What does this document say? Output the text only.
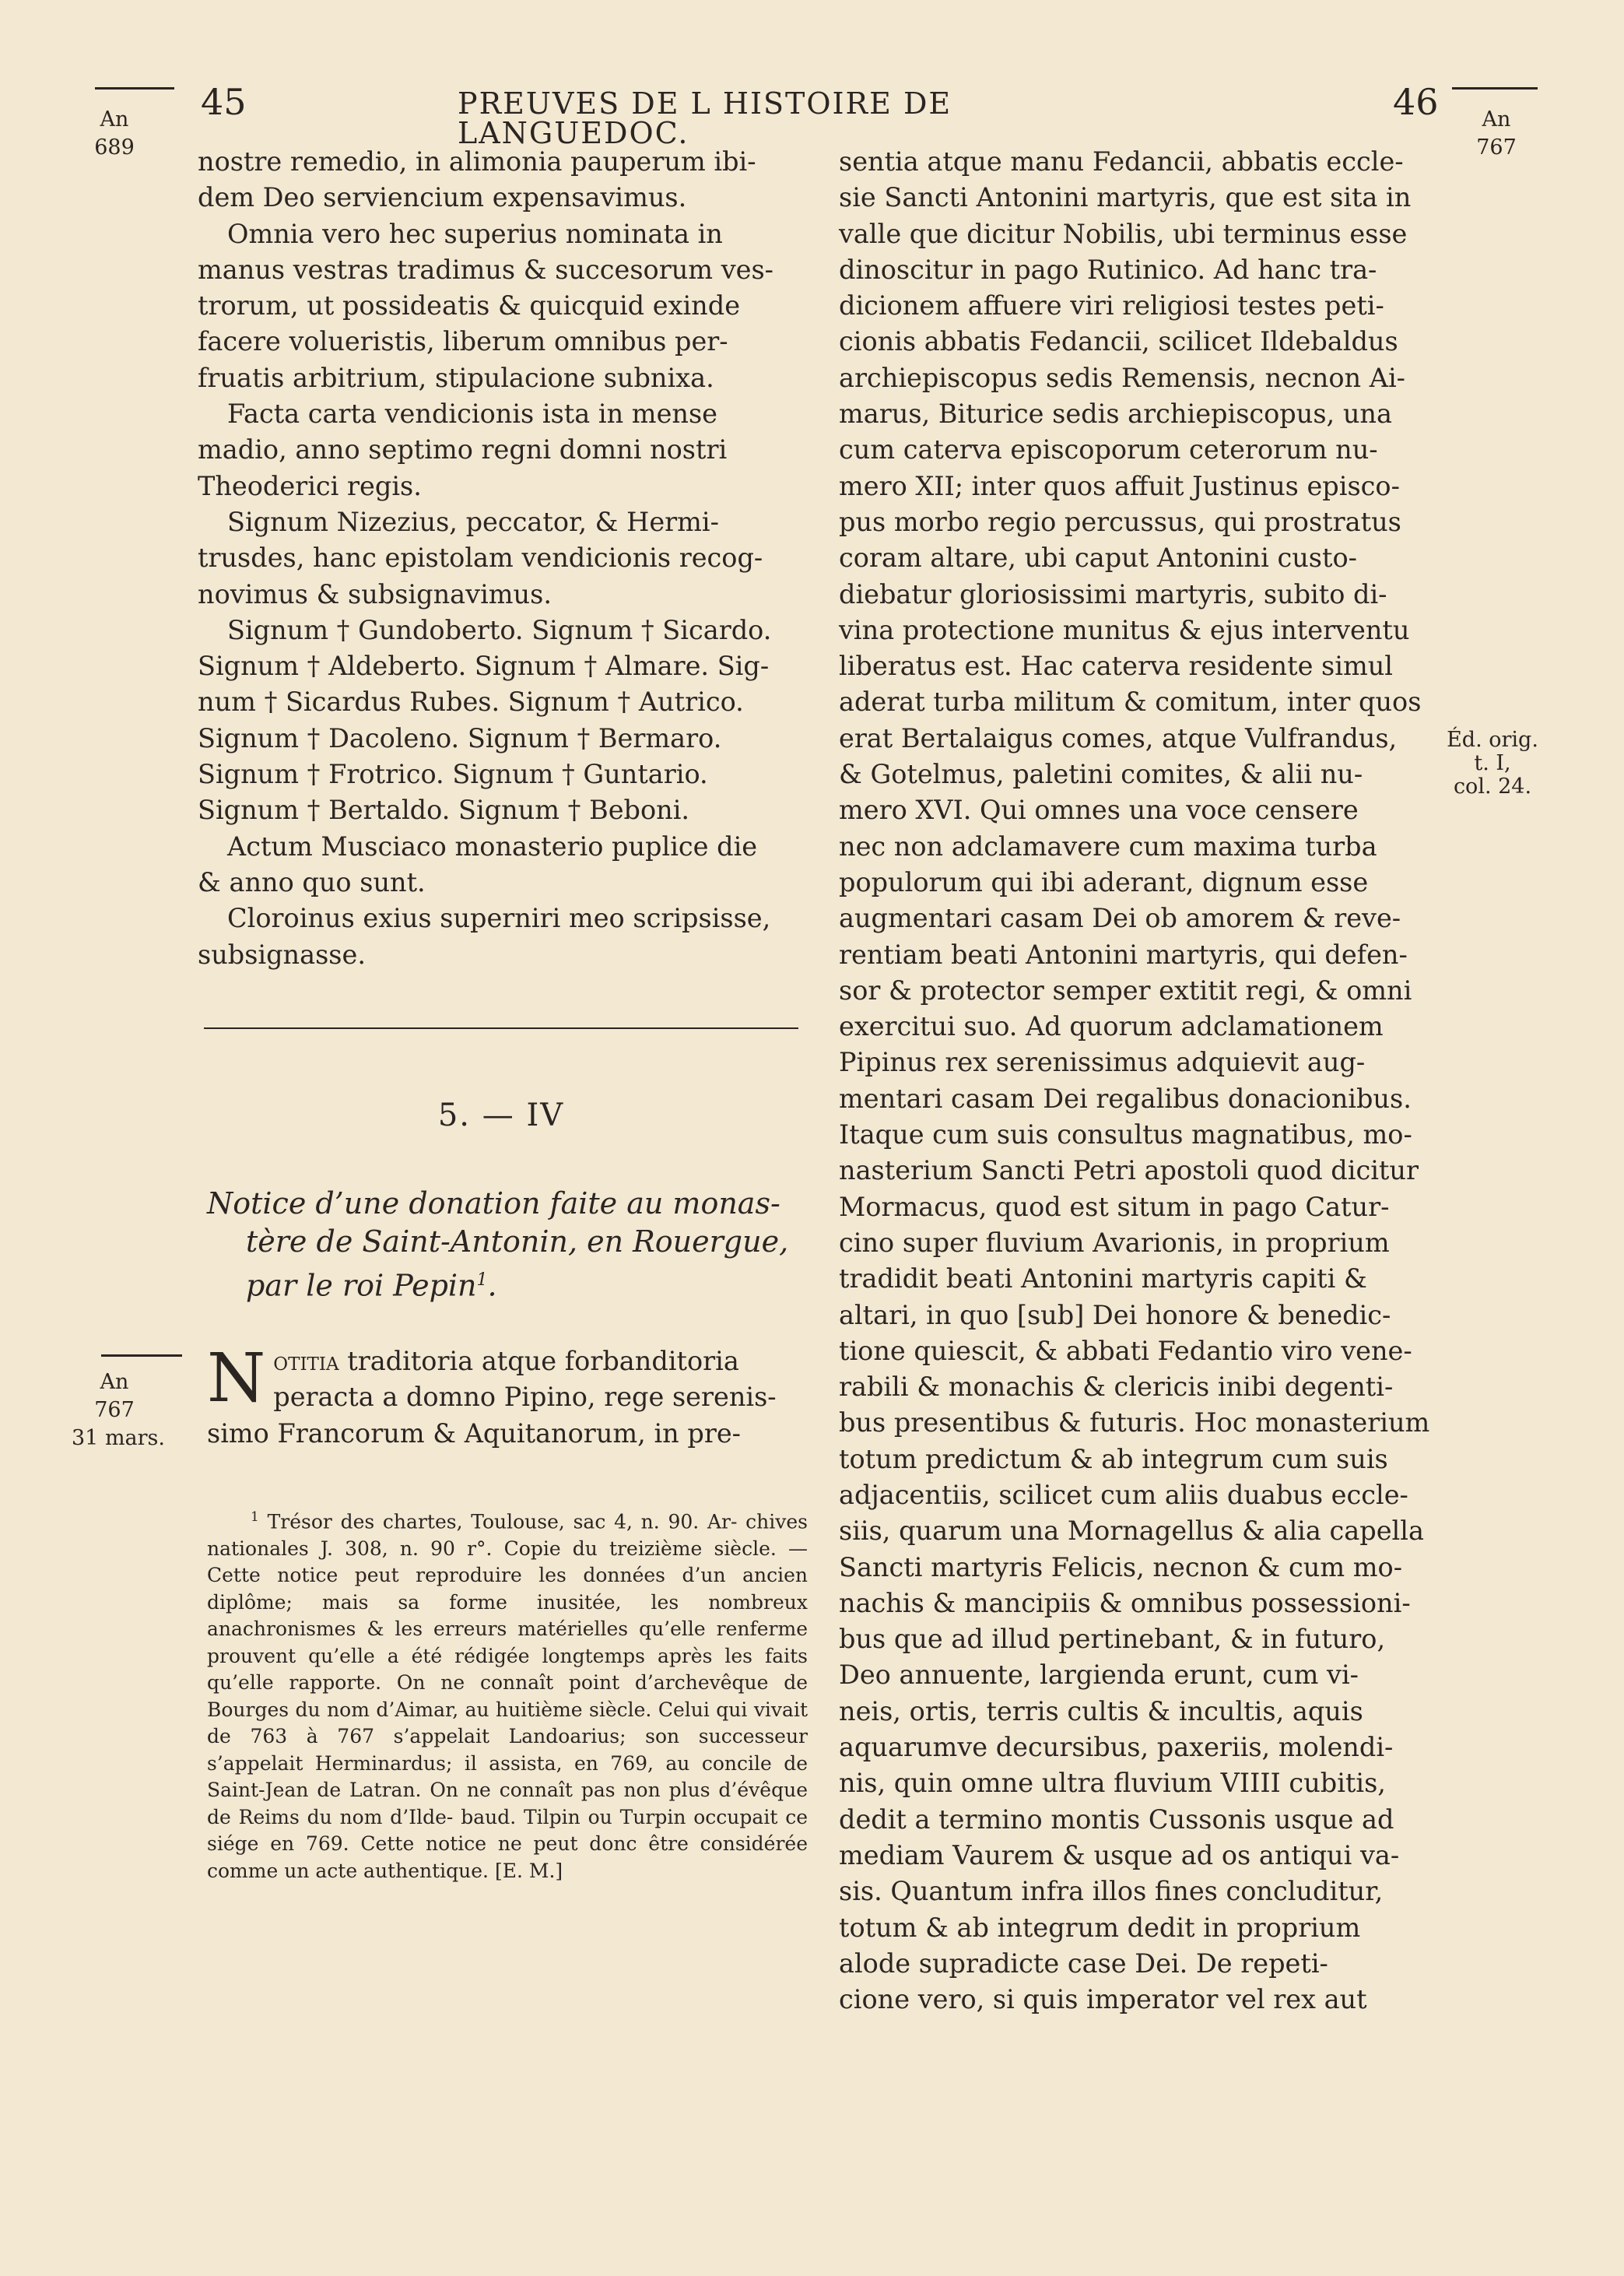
45	PREUVES DE L HISTOIRE DE LANGUEDOC.
46
An
689
An
767
Éd. orig.
t. I,
col. 24.
An
767
31 mars.

nostre remedio, in alimonia pauperum ibi-
dem Deo serviencium expensavimus.

Omnia vero hec superius nominata in
manus vestras tradimus & succesorum ves-
trorum, ut possideatis & quicquid exinde
facere volueristis, liberum omnibus per-
fruatis arbitrium, stipulacione subnixa.

Facta carta vendicionis ista in mense
madio, anno septimo regni domni nostri
Theoderici regis.

Signum Nizezius, peccator, & Hermi-
trusdes, hanc epistolam vendicionis recog-
novimus & subsignavimus.

Signum † Gundoberto. Signum † Sicardo.
Signum † Aldeberto. Signum † Almare. Sig-
num † Sicardus Rubes. Signum † Autrico.
Signum † Dacoleno. Signum † Bermaro.
Signum † Frotrico. Signum † Guntario.
Signum † Bertaldo. Signum † Beboni.

Actum Musciaco monasterio puplice die
& anno quo sunt.

Cloroinus exius superniri meo scripsisse,
subsignasse.

5. — IV
Notice d’une donation faite au monas-
tère de Saint-Antonin, en Rouergue,
par le roi Pepin$^1$.
N otitia traditoria atque forbanditoria
peracta a domno Pipino, rege serenis-
simo Francorum & Aquitanorum, in pre-

$^1$ Trésor des chartes, Toulouse, sac 4, n. 90. Ar- chives nationales J. 308, n. 90 r°. Copie du treizième siècle. — Cette notice peut reproduire les données d’un ancien diplôme; mais sa forme inusitée, les nombreux anachronismes & les erreurs matérielles qu’elle renferme prouvent qu’elle a été rédigée longtemps après les faits qu’elle rapporte. On ne connaît point d’archevêque de Bourges du nom d’Aimar, au huitième siècle. Celui qui vivait de 763 à 767 s’appelait Landoarius; son successeur s’appelait Herminardus; il assista, en 769, au concile de Saint-Jean de Latran. On ne connaît pas non plus d’évêque de Reims du nom d’Ilde- baud. Tilpin ou Turpin occupait ce siége en 769. Cette notice ne peut donc être considérée comme un acte authentique. [E. M.]

sentia atque manu Fedancii, abbatis eccle-
sie Sancti Antonini martyris, que est sita in
valle que dicitur Nobilis, ubi terminus esse
dinoscitur in pago Rutinico. Ad hanc tra-
dicionem affuere viri religiosi testes peti-
cionis abbatis Fedancii, scilicet Ildebaldus
archiepiscopus sedis Remensis, necnon Ai-
marus, Biturice sedis archiepiscopus, una
cum caterva episcoporum ceterorum nu-
mero XII; inter quos affuit Justinus episco-
pus morbo regio percussus, qui prostratus
coram altare, ubi caput Antonini custo-
diebatur gloriosissimi martyris, subito di-
vina protectione munitus & ejus interventu
liberatus est. Hac caterva residente simul
aderat turba militum & comitum, inter quos
erat Bertalaigus comes, atque Vulfrandus,
& Gotelmus, paletini comites, & alii nu-
mero XVI. Qui omnes una voce censere
nec non adclamavere cum maxima turba
populorum qui ibi aderant, dignum esse
augmentari casam Dei ob amorem & reve-
rentiam beati Antonini martyris, qui defen-
sor & protector semper extitit regi, & omni
exercitui suo. Ad quorum adclamationem
Pipinus rex serenissimus adquievit aug-
mentari casam Dei regalibus donacionibus.
Itaque cum suis consultus magnatibus, mo-
nasterium Sancti Petri apostoli quod dicitur
Mormacus, quod est situm in pago Catur-
cino super fluvium Avarionis, in proprium
tradidit beati Antonini martyris capiti &
altari, in quo [sub] Dei honore & benedic-
tione quiescit, & abbati Fedantio viro vene-
rabili & monachis & clericis inibi degenti-
bus presentibus & futuris. Hoc monasterium
totum predictum & ab integrum cum suis
adjacentiis, scilicet cum aliis duabus eccle-
siis, quarum una Mornagellus & alia capella
Sancti martyris Felicis, necnon & cum mo-
nachis & mancipiis & omnibus possessioni-
bus que ad illud pertinebant, & in futuro,
Deo annuente, largienda erunt, cum vi-
neis, ortis, terris cultis & incultis, aquis
aquarumve decursibus, paxeriis, molendi-
nis, quin omne ultra fluvium VIIII cubitis,
dedit a termino montis Cussonis usque ad
mediam Vaurem & usque ad os antiqui va-
sis. Quantum infra illos fines concluditur,
totum & ab integrum dedit in proprium
alode supradicte case Dei. De repeti-
cione vero, si quis imperator vel rex aut
